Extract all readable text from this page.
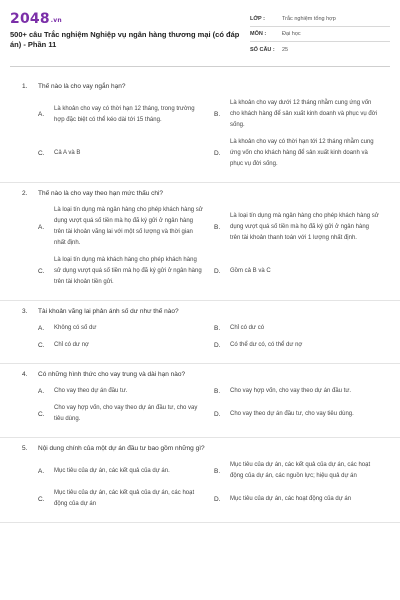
2048.vn
500+ câu Trắc nghiệm Nghiệp vụ ngân hàng thương mại (có đáp án) - Phần 11
LỚP :	Trắc nghiệm tổng hợp
MÔN :	Đại học
SỐ CÂU :	25
1.	Thế nào là cho vay ngắn hạn?
A.
Là khoản cho vay có thời hạn 12 tháng, trong trường hợp đặc biệt có thể kéo dài tới 15 tháng.
B.
Là khoản cho vay dưới 12 tháng nhằm cung ứng vốn cho khách hàng để sản xuất kinh doanh và phục vụ đời sống.
C.	Cả A và B	D.
Là khoản cho vay có thời hạn tới 12 tháng nhằm cung ứng vốn cho khách hàng để sản xuất kinh doanh và phục vụ đời sống.
2.	Thế nào là cho vay theo hạn mức thấu chi?
A.
Là loại tín dụng mà ngân hàng cho phép khách hàng sử dụng vượt quá số tiền mà họ đã ký gửi ở ngân hàng trên tài khoản vãng lai với một số lượng và thời gian nhất định.
B.
Là loại tín dụng mà ngân hàng cho phép khách hàng sử dụng vượt quá số tiền mà họ đã ký gửi ở ngân hàng trên tài khoản thanh toán với 1 lượng nhất định.
C.
Là loại tín dụng mà khách hàng cho phép khách hàng sử dụng vượt quá số tiền mà họ đã ký gửi ở ngân hàng trên tài khoản tiền gửi.
D.	Gồm cả B và C
3.	Tài khoản vãng lai phản ánh số dư như thế nào?
A.	Không có số dư	B.	Chỉ có dư có
C.	Chỉ có dư nợ	D.	Có thể dư có, có thể dư nợ
4.	Có những hình thức cho vay trung và dài hạn nào?
A.	Cho vay theo dự án đầu tư.	B.	Cho vay hợp vốn, cho vay theo dự án đầu tư.
C.
Cho vay hợp vốn, cho vay theo dự án đầu tư, cho vay tiêu dùng.
D.	Cho vay theo dự án đầu tư, cho vay tiêu dùng.
5.	Nội dung chính của một dự án đầu tư bao gồm những gì?
A.	Mục tiêu của dự án, các kết quả của dự án.	B.
Mục tiêu của dự án, các kết quả của dự án, các hoạt động của dự án, các nguồn lực; hiệu quả dự án
C.
Mục tiêu của dự án, các kết quả của dự án, các hoạt động của dự án
D.	Mục tiêu của dự án, các hoạt động của dự án
